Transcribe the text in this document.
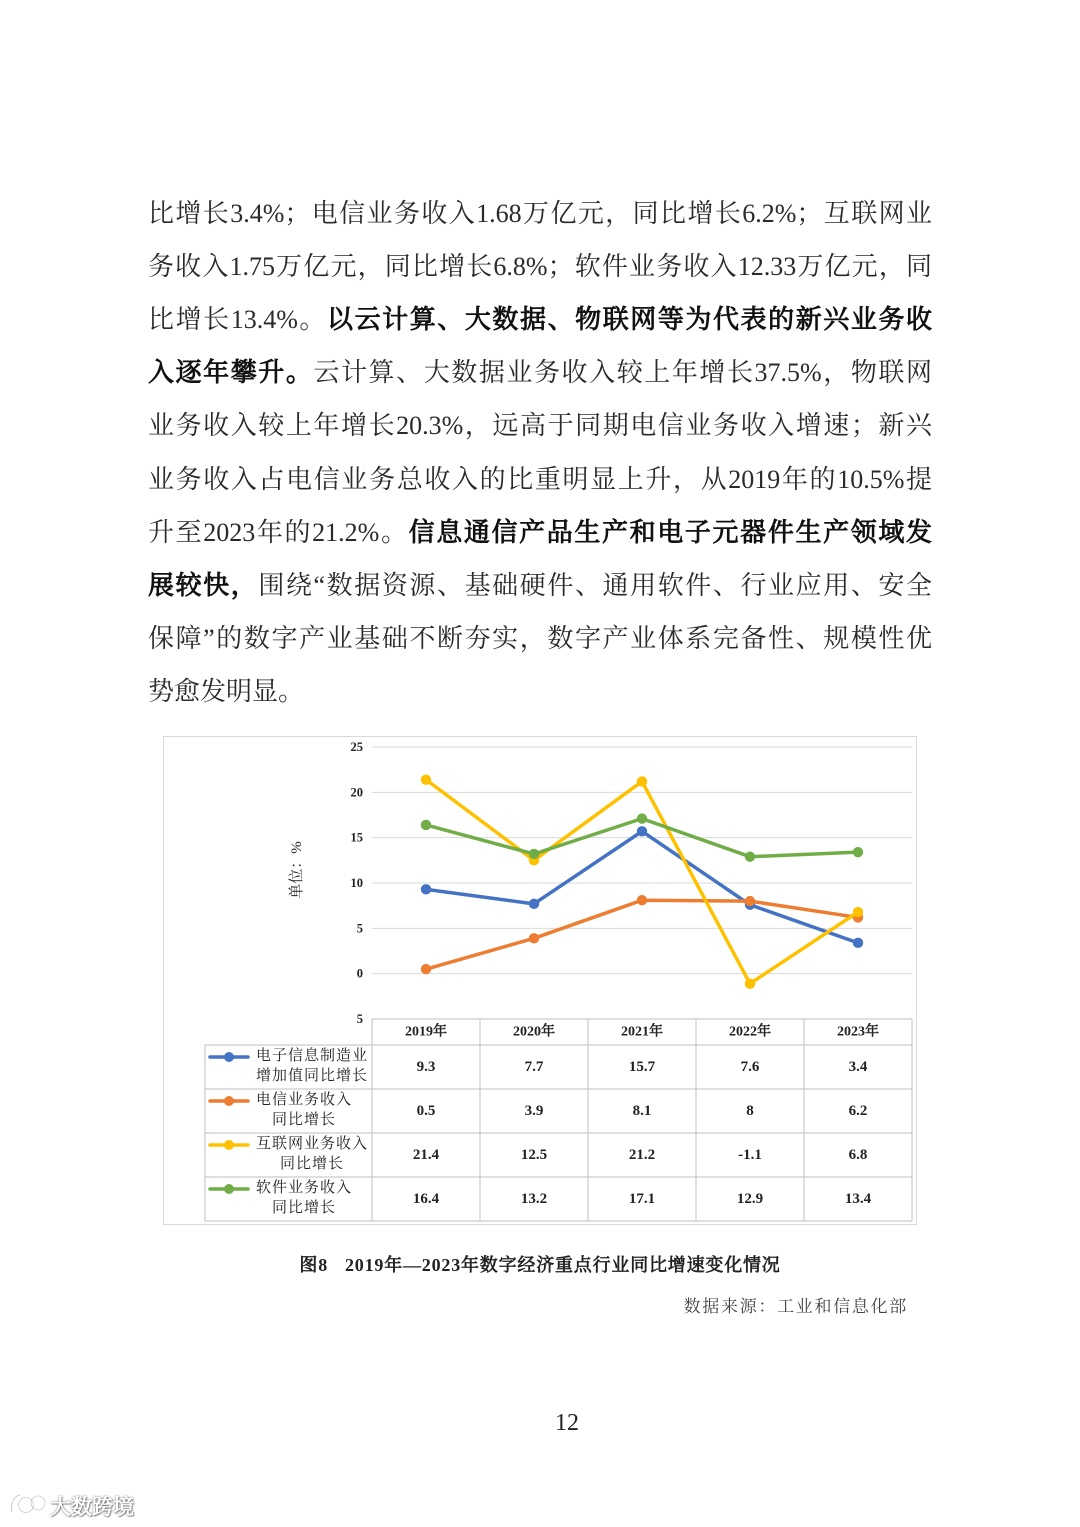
比增长3.4%；电信业务收入1.68万亿元，同比增长6.2%；互联网业
务收入1.75万亿元，同比增长6.8%；软件业务收入12.33万亿元，同
比增长13.4%。以云计算、大数据、物联网等为代表的新兴业务收
入逐年攀升。云计算、大数据业务收入较上年增长37.5%，物联网
业务收入较上年增长20.3%，远高于同期电信业务收入增速；新兴
业务收入占电信业务总收入的比重明显上升，从2019年的10.5%提
升至2023年的21.2%。信息通信产品生产和电子元器件生产领域发
展较快，围绕“数据资源、基础硬件、通用软件、行业应用、安全
保障”的数字产业基础不断夯实，数字产业体系完备性、规模性优
势愈发明显。
25
20
15
10
5
0
5
单位：%
2019年	2020年	2021年	2022年	2023年
电子信息制造业
增加值同比增长
9.3	7.7	15.7	7.6	3.4
电信业务收入
同比增长
0.5	3.9	8.1	8	6.2
互联网业务收入
同比增长
21.4	12.5	21.2	-1.1	6.8
软件业务收入
同比增长
16.4	13.2	17.1	12.9	13.4
图8 2019年—2023年数字经济重点行业同比增速变化情况
数据来源：工业和信息化部
12
大数跨境
